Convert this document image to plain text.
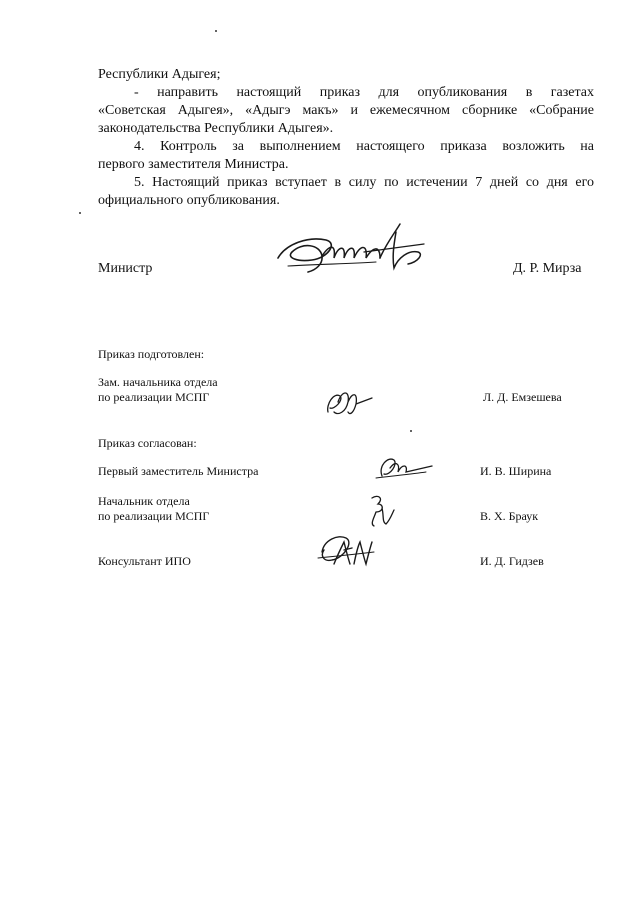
Республики Адыгея;
- направить настоящий приказ для опубликования в газетах
«Советская Адыгея», «Адыгэ макъ» и ежемесячном сборнике «Собрание
законодательства Республики Адыгея».
4. Контроль за выполнением настоящего приказа возложить на
первого заместителя Министра.
5. Настоящий приказ вступает в силу по истечении 7 дней со дня его
официального опубликования.
Министр	Д. Р. Мирза
Приказ подготовлен:
Зам. начальника отдела
по реализации МСПГ	Л. Д. Емзешева
Приказ согласован:
Первый заместитель Министра	И. В. Ширина
Начальник отдела
по реализации МСПГ	В. Х. Браук
Консультант ИПО	И. Д. Гидзев
